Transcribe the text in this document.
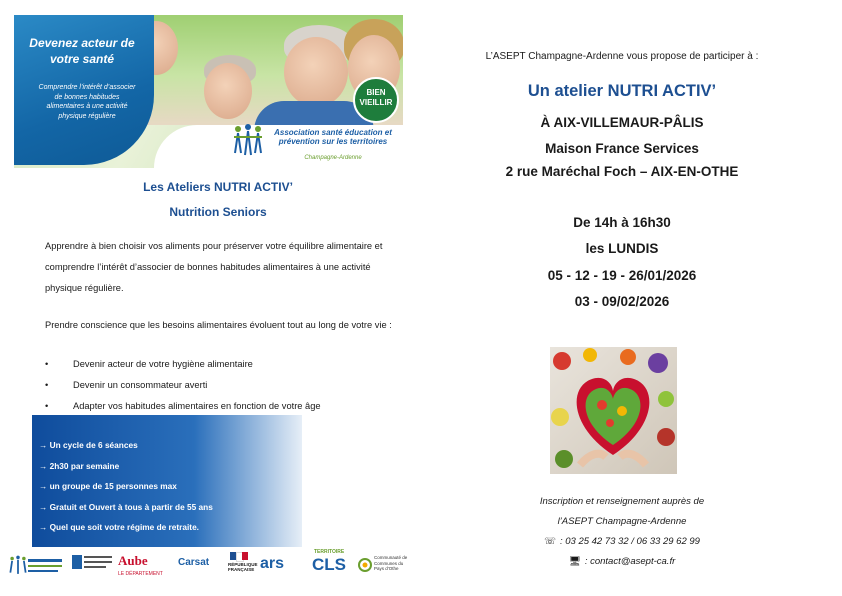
Devenez acteur de votre santé
Comprendre l’intérêt d’associer de bonnes habitudes alimentaires à une activité physique régulière
BIEN
VIEILLIR
Association santé éducation et prévention sur les territoires
Champagne-Ardenne
Les Ateliers NUTRI ACTIV’
Nutrition Seniors
Apprendre à bien choisir vos aliments pour préserver votre équilibre alimentaire et comprendre l’intérêt d’associer de bonnes habitudes alimentaires à une activité physique régulière.
Prendre conscience que les besoins alimentaires évoluent tout au long de votre vie :
• Devenir acteur de votre hygiène alimentaire
• Devenir un consommateur averti
• Adapter vos habitudes alimentaires en fonction de votre âge
→ Un cycle de 6 séances
→ 2h30 par semaine
→ un groupe de 15 personnes max
→ Gratuit et Ouvert à tous à partir de 55 ans
→ Quel que soit votre régime de retraite.
Aube
LE DÉPARTEMENT
Carsat	RÉPUBLIQUE FRANÇAISE ars
TERRITOIRE
CLS	Communauté de Communes du Pays d’Othe
L’ASEPT Champagne-Ardenne vous propose de participer à :
Un atelier NUTRI ACTIV’
À AIX-VILLEMAUR-PÂLIS
Maison France Services
2 rue Maréchal Foch – AIX-EN-OTHE
De 14h à 16h30
les LUNDIS
05 - 12 - 19 - 26/01/2026
03 - 09/02/2026
Inscription et renseignement auprès de
l’ASEPT Champagne-Ardenne
☏ : 03 25 42 73 32 / 06 33 29 62 99
🖥 : contact@asept-ca.fr
